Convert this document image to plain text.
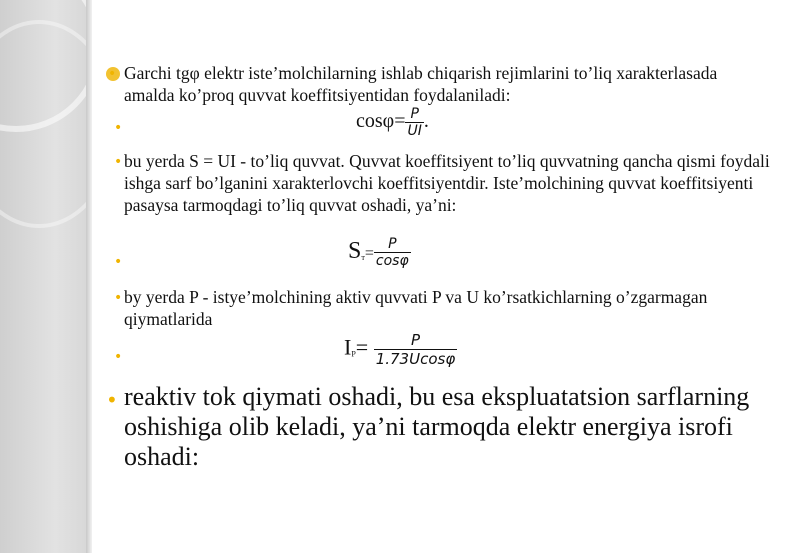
• Garchi tgφ elektr iste’molchilarning ishlab chiqarish rejimlarini to’liq xarakterlasada amalda ko’proq quvvat koeffitsiyentidan foydalaniladi:
•	$\cos\varphi= \frac{P}{UI}$ .
• bu yerda S = UI - to’liq quvvat. Quvvat koeffitsiyent to’liq quvvatning qancha qismi foydali ishga sarf bo’lganini xarakterlovchi koeffitsiyentdir. Iste’molchining quvvat koeffitsiyenti pasaysa tarmoqdagi to’liq quvvat oshadi, ya’ni:
•	$S_т= \frac{P}{\cos\varphi}$
• by yerda P - istye’molchining aktiv quvvati P va U ko’rsatkichlarning o’zgarmagan qiymatlarida
•	$I_P= \frac{P}{1.73Ucos\varphi}$
• reaktiv tok qiymati oshadi, bu esa ekspluatatsion sarflarning oshishiga olib keladi, ya’ni tarmoqda elektr energiya isrofi oshadi:
